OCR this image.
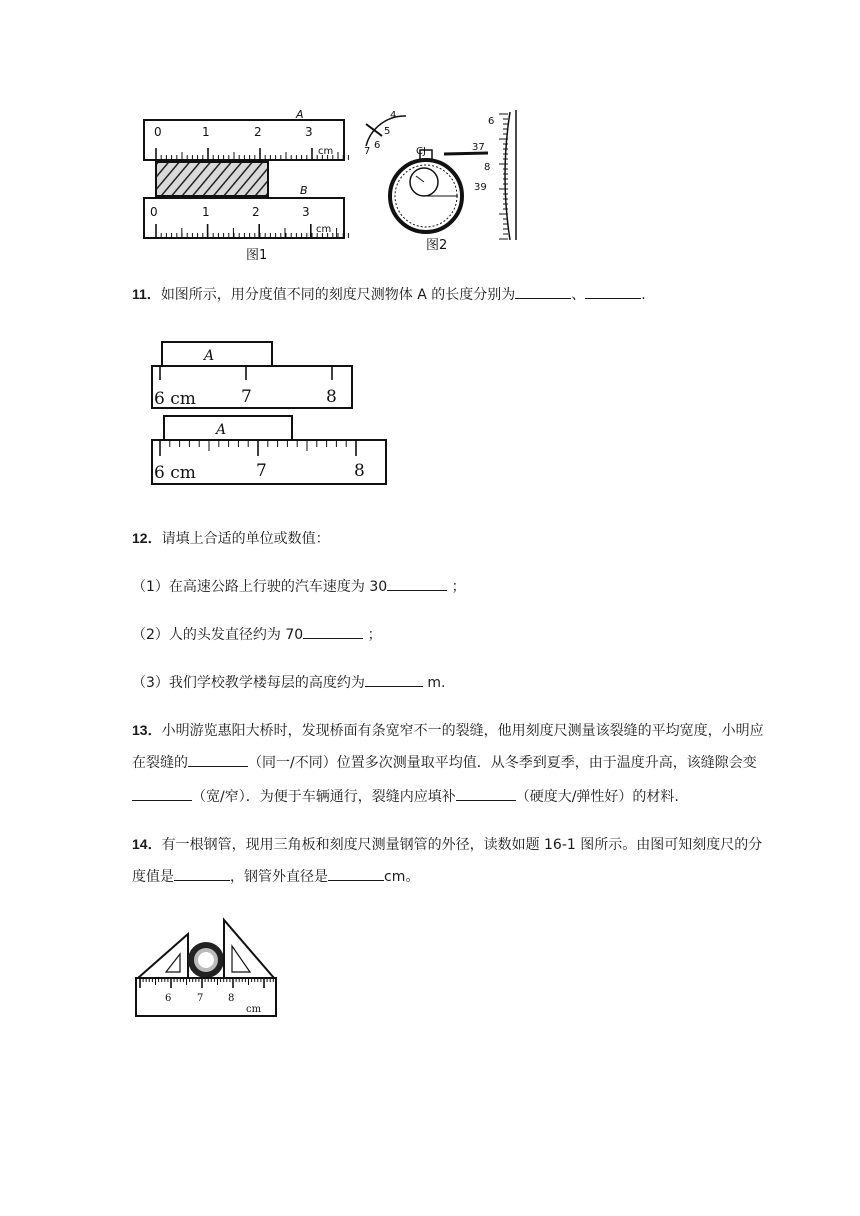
A
0	1	2	3
cm
B
0	1	2	3
cm
图1
4
5
6
7	CJ
6
37
8
39
图2
11．如图所示，用分度值不同的刻度尺测物体 A 的长度分别为	、	.
A
6 cm	7	8
A
6 cm	7	8
12．请填上合适的单位或数值：
（1）在高速公路上行驶的汽车速度为 30	；
（2）人的头发直径约为 70	；
（3）我们学校教学楼每层的高度约为	m.
13．小明游览惠阳大桥时，发现桥面有条宽窄不一的裂缝，他用刻度尺测量该裂缝的平均宽度，小明应
在裂缝的	（同一/不同）位置多次测量取平均值．从冬季到夏季，由于温度升高，该缝隙会变
（宽/窄）．为便于车辆通行，裂缝内应填补	（硬度大/弹性好）的材料.
14．有一根钢管，现用三角板和刻度尺测量钢管的外径，读数如题 16-1 图所示。由图可知刻度尺的分
度值是	，钢管外直径是	cm。
6	7 8
cm
